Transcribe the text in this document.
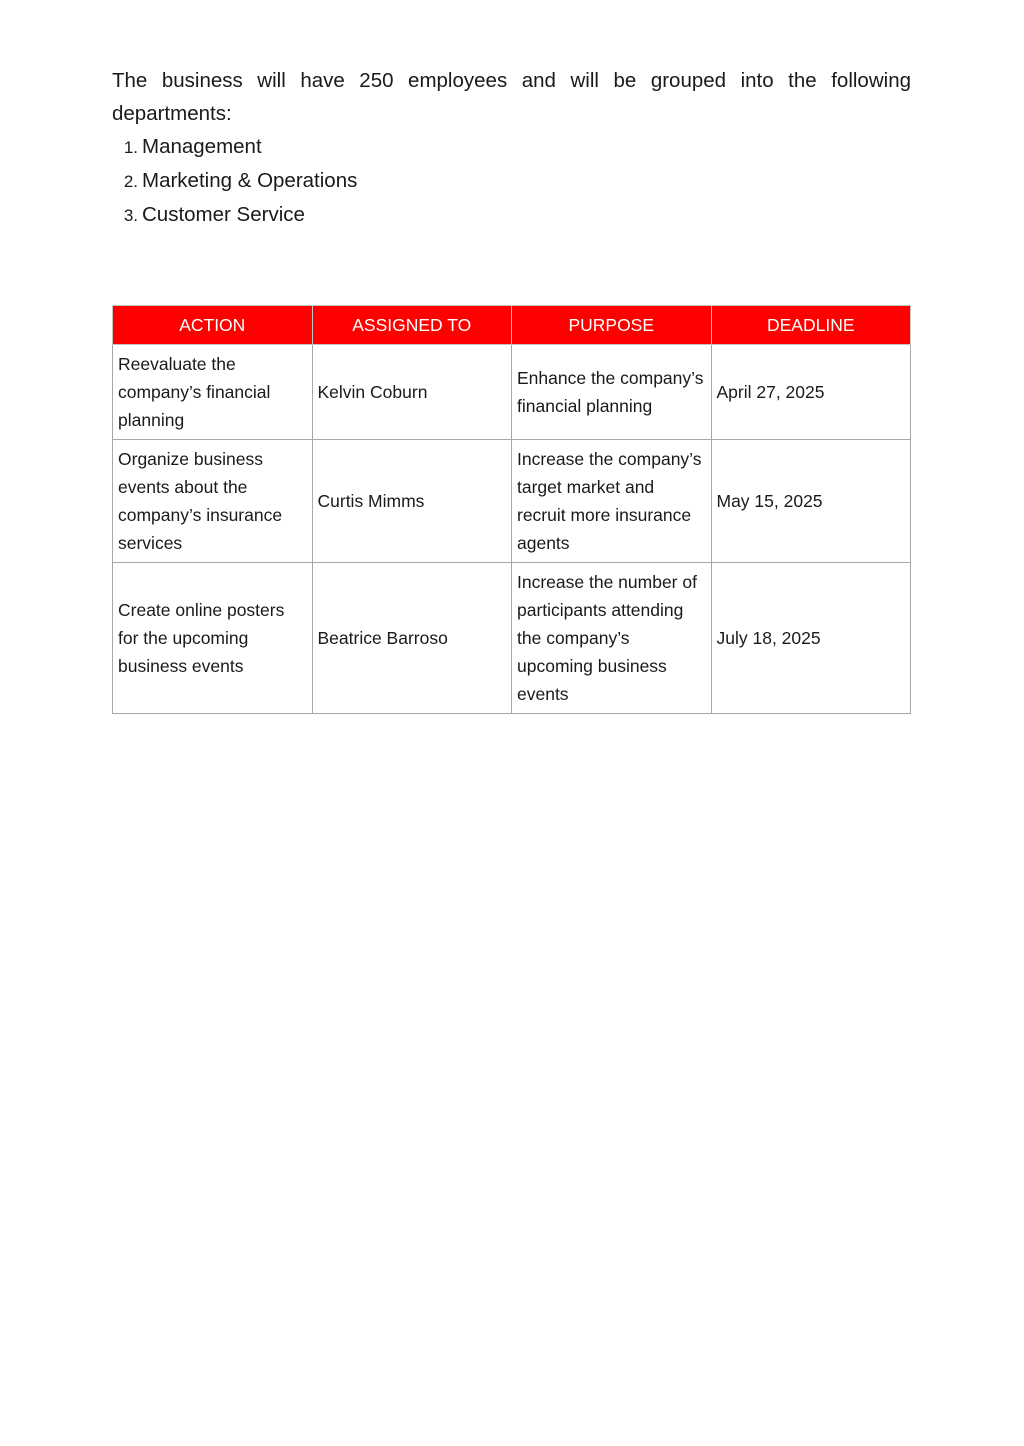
The business will have 250 employees and will be grouped into the following departments:

1. Management
2. Marketing & Operations
3. Customer Service
ACTION	ASSIGNED TO	PURPOSE	DEADLINE
Reevaluate the company’s financial planning	Kelvin Coburn	Enhance the company’s financial planning	April 27, 2025
Organize business events about the company’s insurance services	Curtis Mimms	Increase the company’s target market and recruit more insurance agents	May 15, 2025
Create online posters for the upcoming business events	Beatrice Barroso	Increase the number of participants attending the company’s upcoming business events	July 18, 2025
